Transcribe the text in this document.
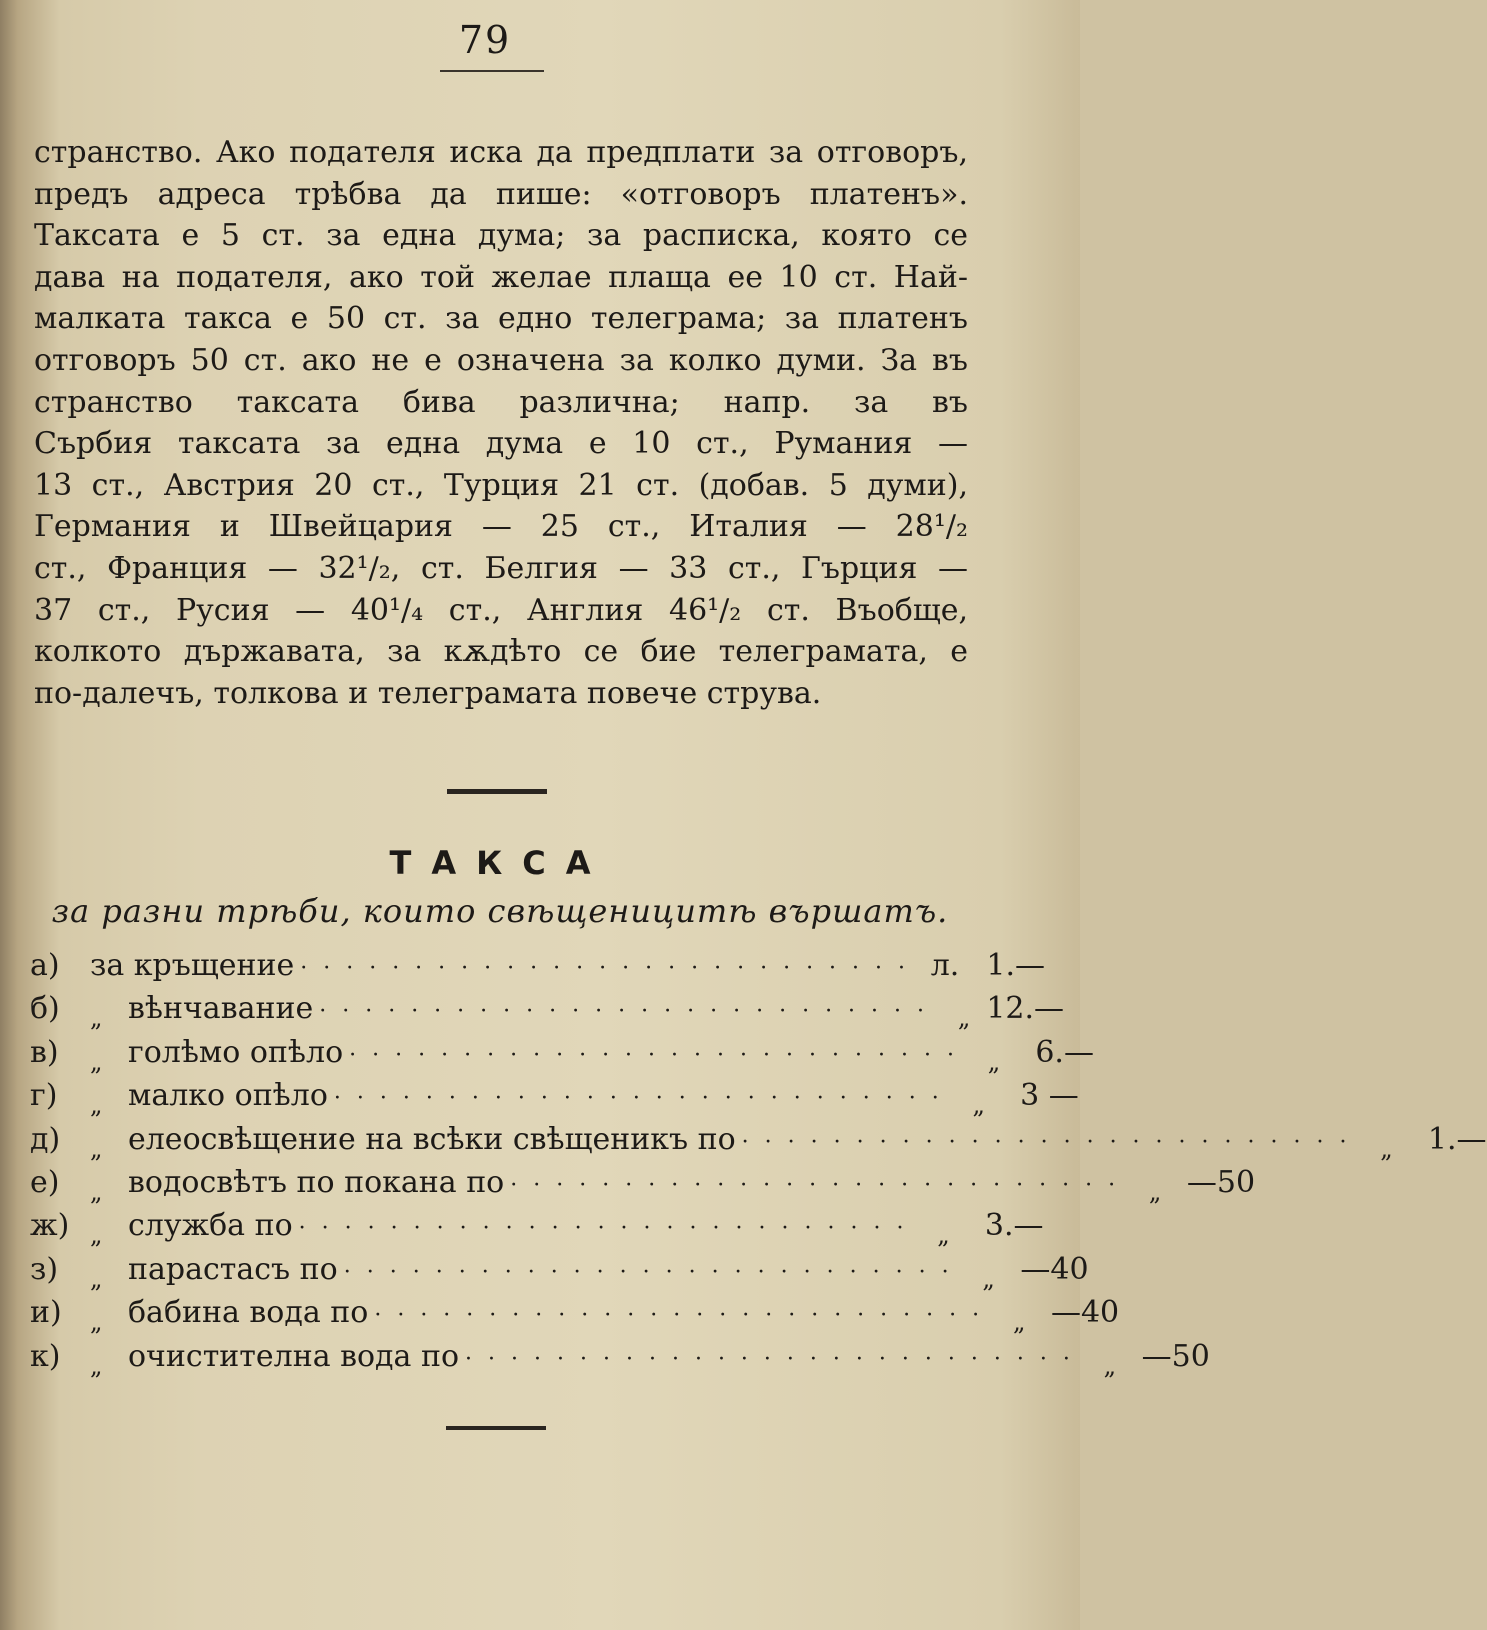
79
странство. Ако подателя иска да предплати за отговоръ,
предъ адреса трѣбва да пише: «отговоръ платенъ».
Таксата е 5 ст. за една дума; за расписка, която се
дава на подателя, ако той желае плаща ее 10 ст. Най-
малката такса е 50 ст. за едно телеграма; за платенъ
отговоръ 50 ст. ако не е означена за колко думи. За въ
странство таксата бива различна; напр. за въ
Сърбия таксата за една дума е 10 ст., Румания —
13 ст., Австрия 20 ст., Турция 21 ст. (добав. 5 думи),
Германия и Швейцария — 25 ст., Италия — 28¹/₂
ст., Франция — 32¹/₂, ст. Белгия — 33 ст., Гърция —
37 ст., Русия — 40¹/₄ ст., Англия 46¹/₂ ст. Въобще,
колкото държавата, за кѫдѣто се бие телеграмата, е
по-далечъ, толкова и телеграмата повече струва.
ТАКСА
за разни трѣби, които свѣщеницитѣ вършатъ.
а)	за кръщение ··························· л. 1.—
б)	„ вѣнчавание ··························· „ 12.—
в)	„ голѣмо опѣло ··························· „	6.—
г)	„ малко опѣло ··························· „	3 —
д)	„ елеосвѣщение на всѣки свѣщеникъ по ··························· „	1.—
е)	„ водосвѣтъ по покана по ··························· „ —50
ж) „ служба по ··························· „	3.—
з)	„ парастасъ по ··························· „ —40
и)	„ бабина вода по ··························· „ —40
к)	„ очистителна вода по ··························· „ —50
